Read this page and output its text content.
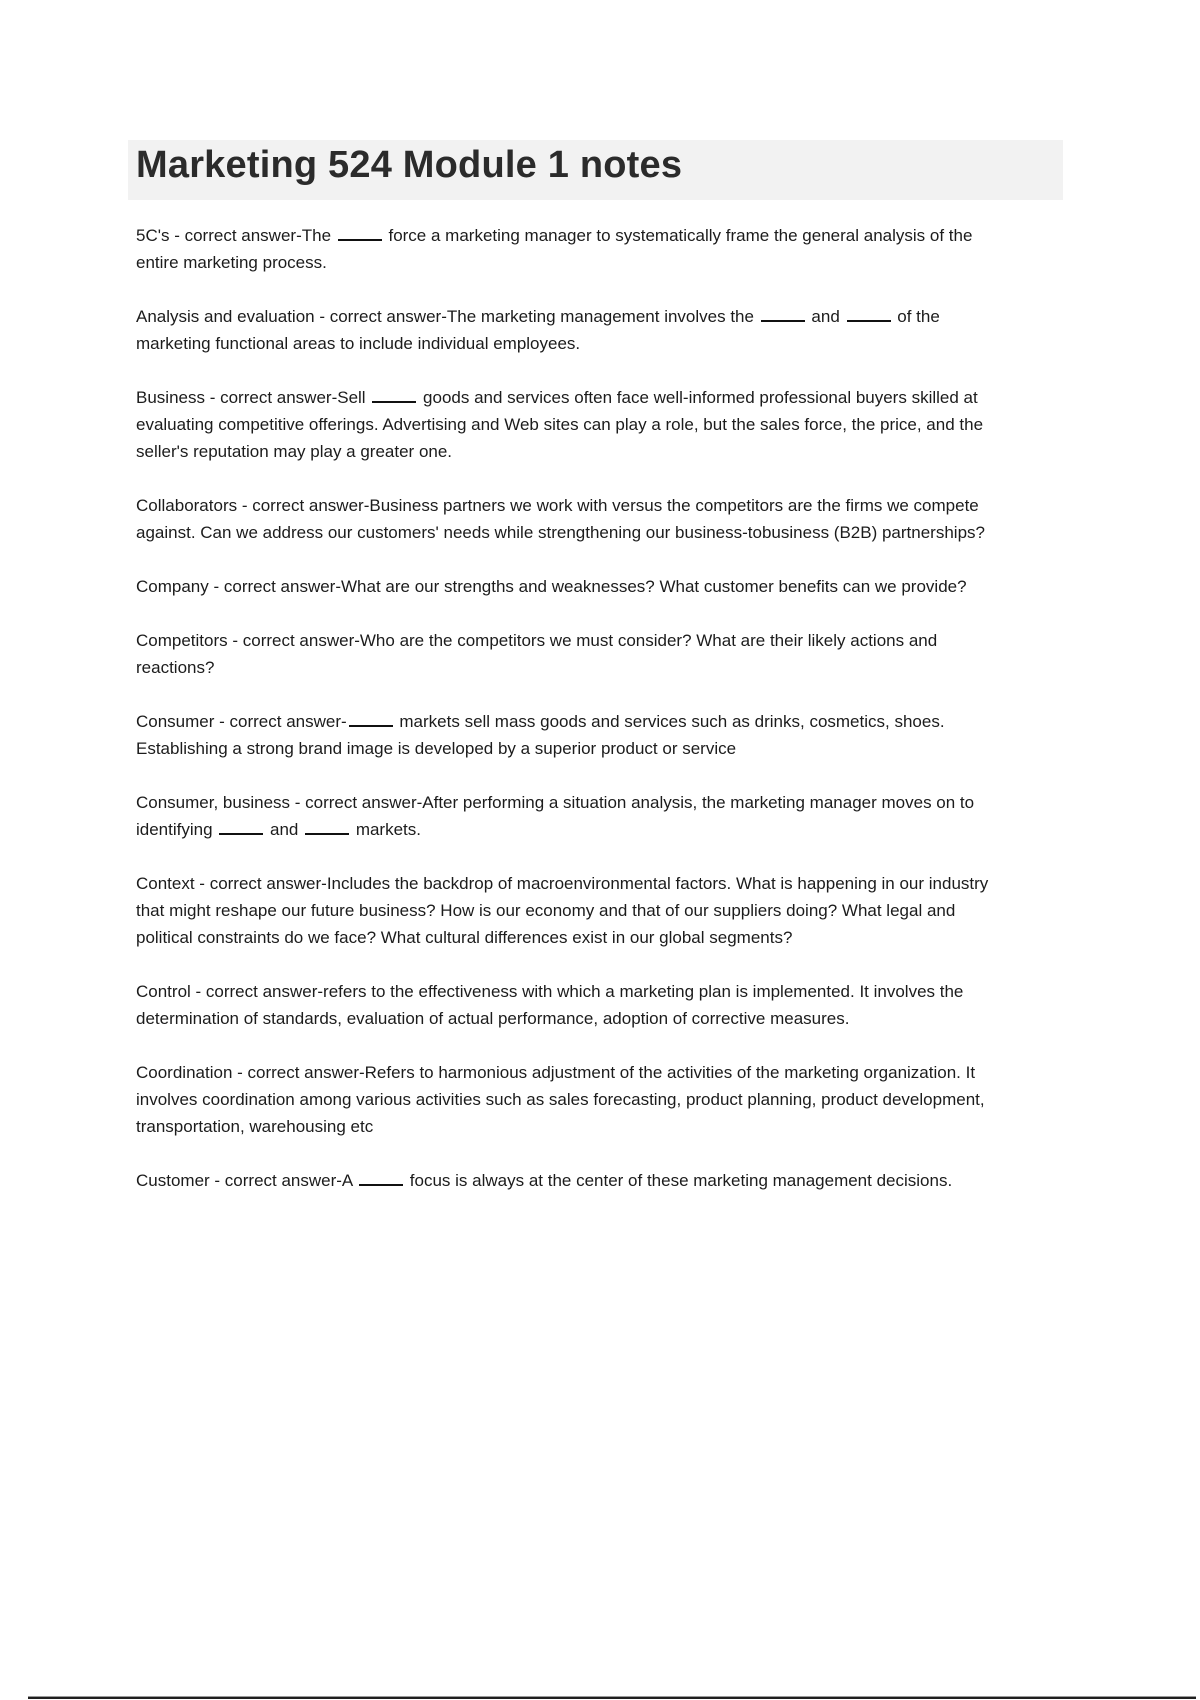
Marketing 524 Module 1 notes

5C's - correct answer-The	force a marketing manager to systematically frame the general analysis of the entire marketing process.

Analysis and evaluation - correct answer-The marketing management involves the	and	of the marketing functional areas to include individual employees.

Business - correct answer-Sell	goods and services often face well-informed professional buyers skilled at evaluating competitive offerings. Advertising and Web sites can play a role, but the sales force, the price, and the seller's reputation may play a greater one.

Collaborators - correct answer-Business partners we work with versus the competitors are the firms we compete against. Can we address our customers' needs while strengthening our business-tobusiness (B2B) partnerships?

Company - correct answer-What are our strengths and weaknesses? What customer benefits can we provide?

Competitors - correct answer-Who are the competitors we must consider? What are their likely actions and reactions?

Consumer - correct answer-	markets sell mass goods and services such as drinks, cosmetics, shoes. Establishing a strong brand image is developed by a superior product or service

Consumer, business - correct answer-After performing a situation analysis, the marketing manager moves on to identifying	and	markets.

Context - correct answer-Includes the backdrop of macroenvironmental factors. What is happening in our industry that might reshape our future business? How is our economy and that of our suppliers doing? What legal and political constraints do we face? What cultural differences exist in our global segments?

Control - correct answer-refers to the effectiveness with which a marketing plan is implemented. It involves the determination of standards, evaluation of actual performance, adoption of corrective measures.

Coordination - correct answer-Refers to harmonious adjustment of the activities of the marketing organization. It involves coordination among various activities such as sales forecasting, product planning, product development, transportation, warehousing etc

Customer - correct answer-A	focus is always at the center of these marketing management decisions.
